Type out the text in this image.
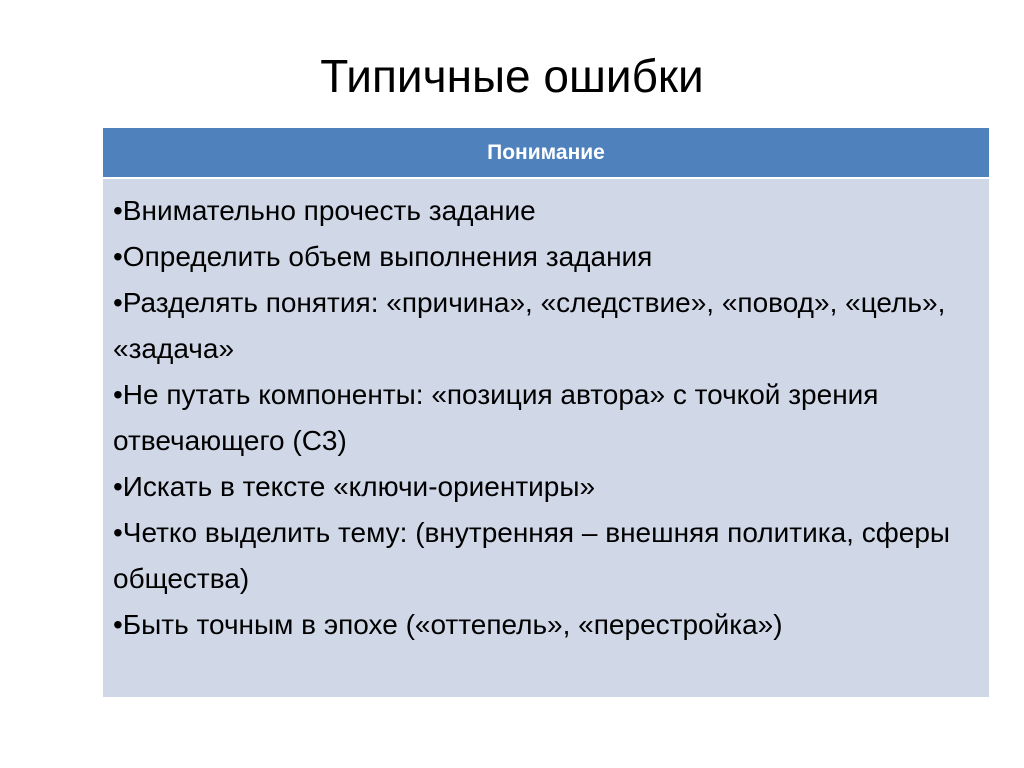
Типичные ошибки
Понимание

•Внимательно прочесть задание

•Определить объем выполнения задания

•Разделять понятия: «причина», «следствие», «повод», «цель», «задача»

•Не путать компоненты: «позиция автора» с точкой зрения отвечающего (С3)

•Искать в тексте «ключи-ориентиры»

•Четко выделить тему: (внутренняя – внешняя политика, сферы общества)

•Быть точным в эпохе («оттепель», «перестройка»)
